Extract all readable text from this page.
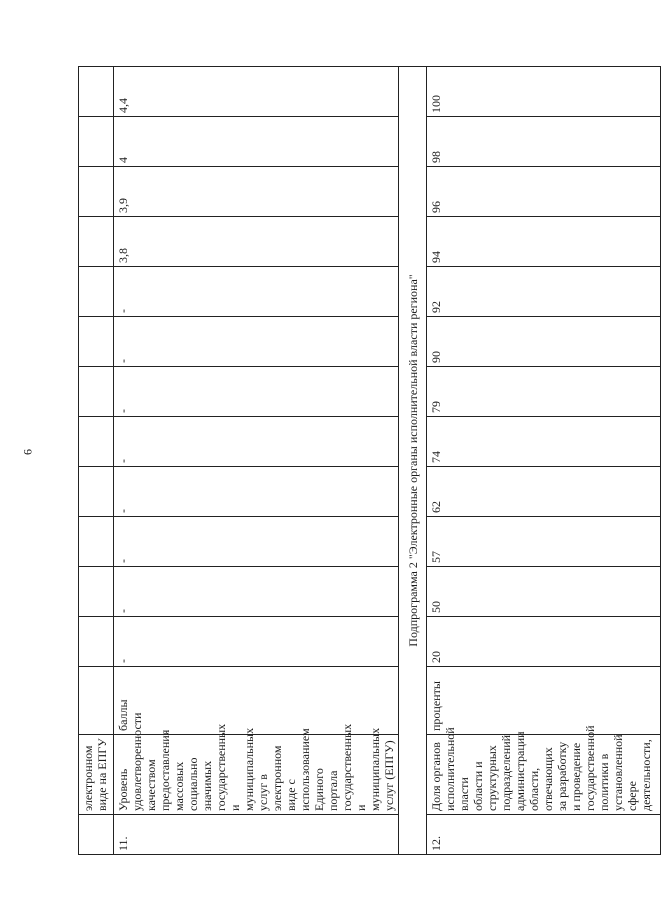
6
	электронном виде на ЕПГУ													
11.	Уровень удовлетворенности качеством предоставления массовых социально значимых государственных и муниципальных услуг в электронном виде с использованием Единого портала государственных и муниципальных услуг (ЕПГУ)	баллы	-	-	-	-	-	-	-	-	3,8	3,9	4	4,4
Подпрограмма 2 "Электронные органы исполнительной власти региона"														
12.	Доля органов исполнительной власти области и структурных подразделений администрации области, отвечающих за разработку и проведение государственной политики в установленной сфере деятельности,	проценты	20	50	57	62	74	79	90	92	94	96	98	100
